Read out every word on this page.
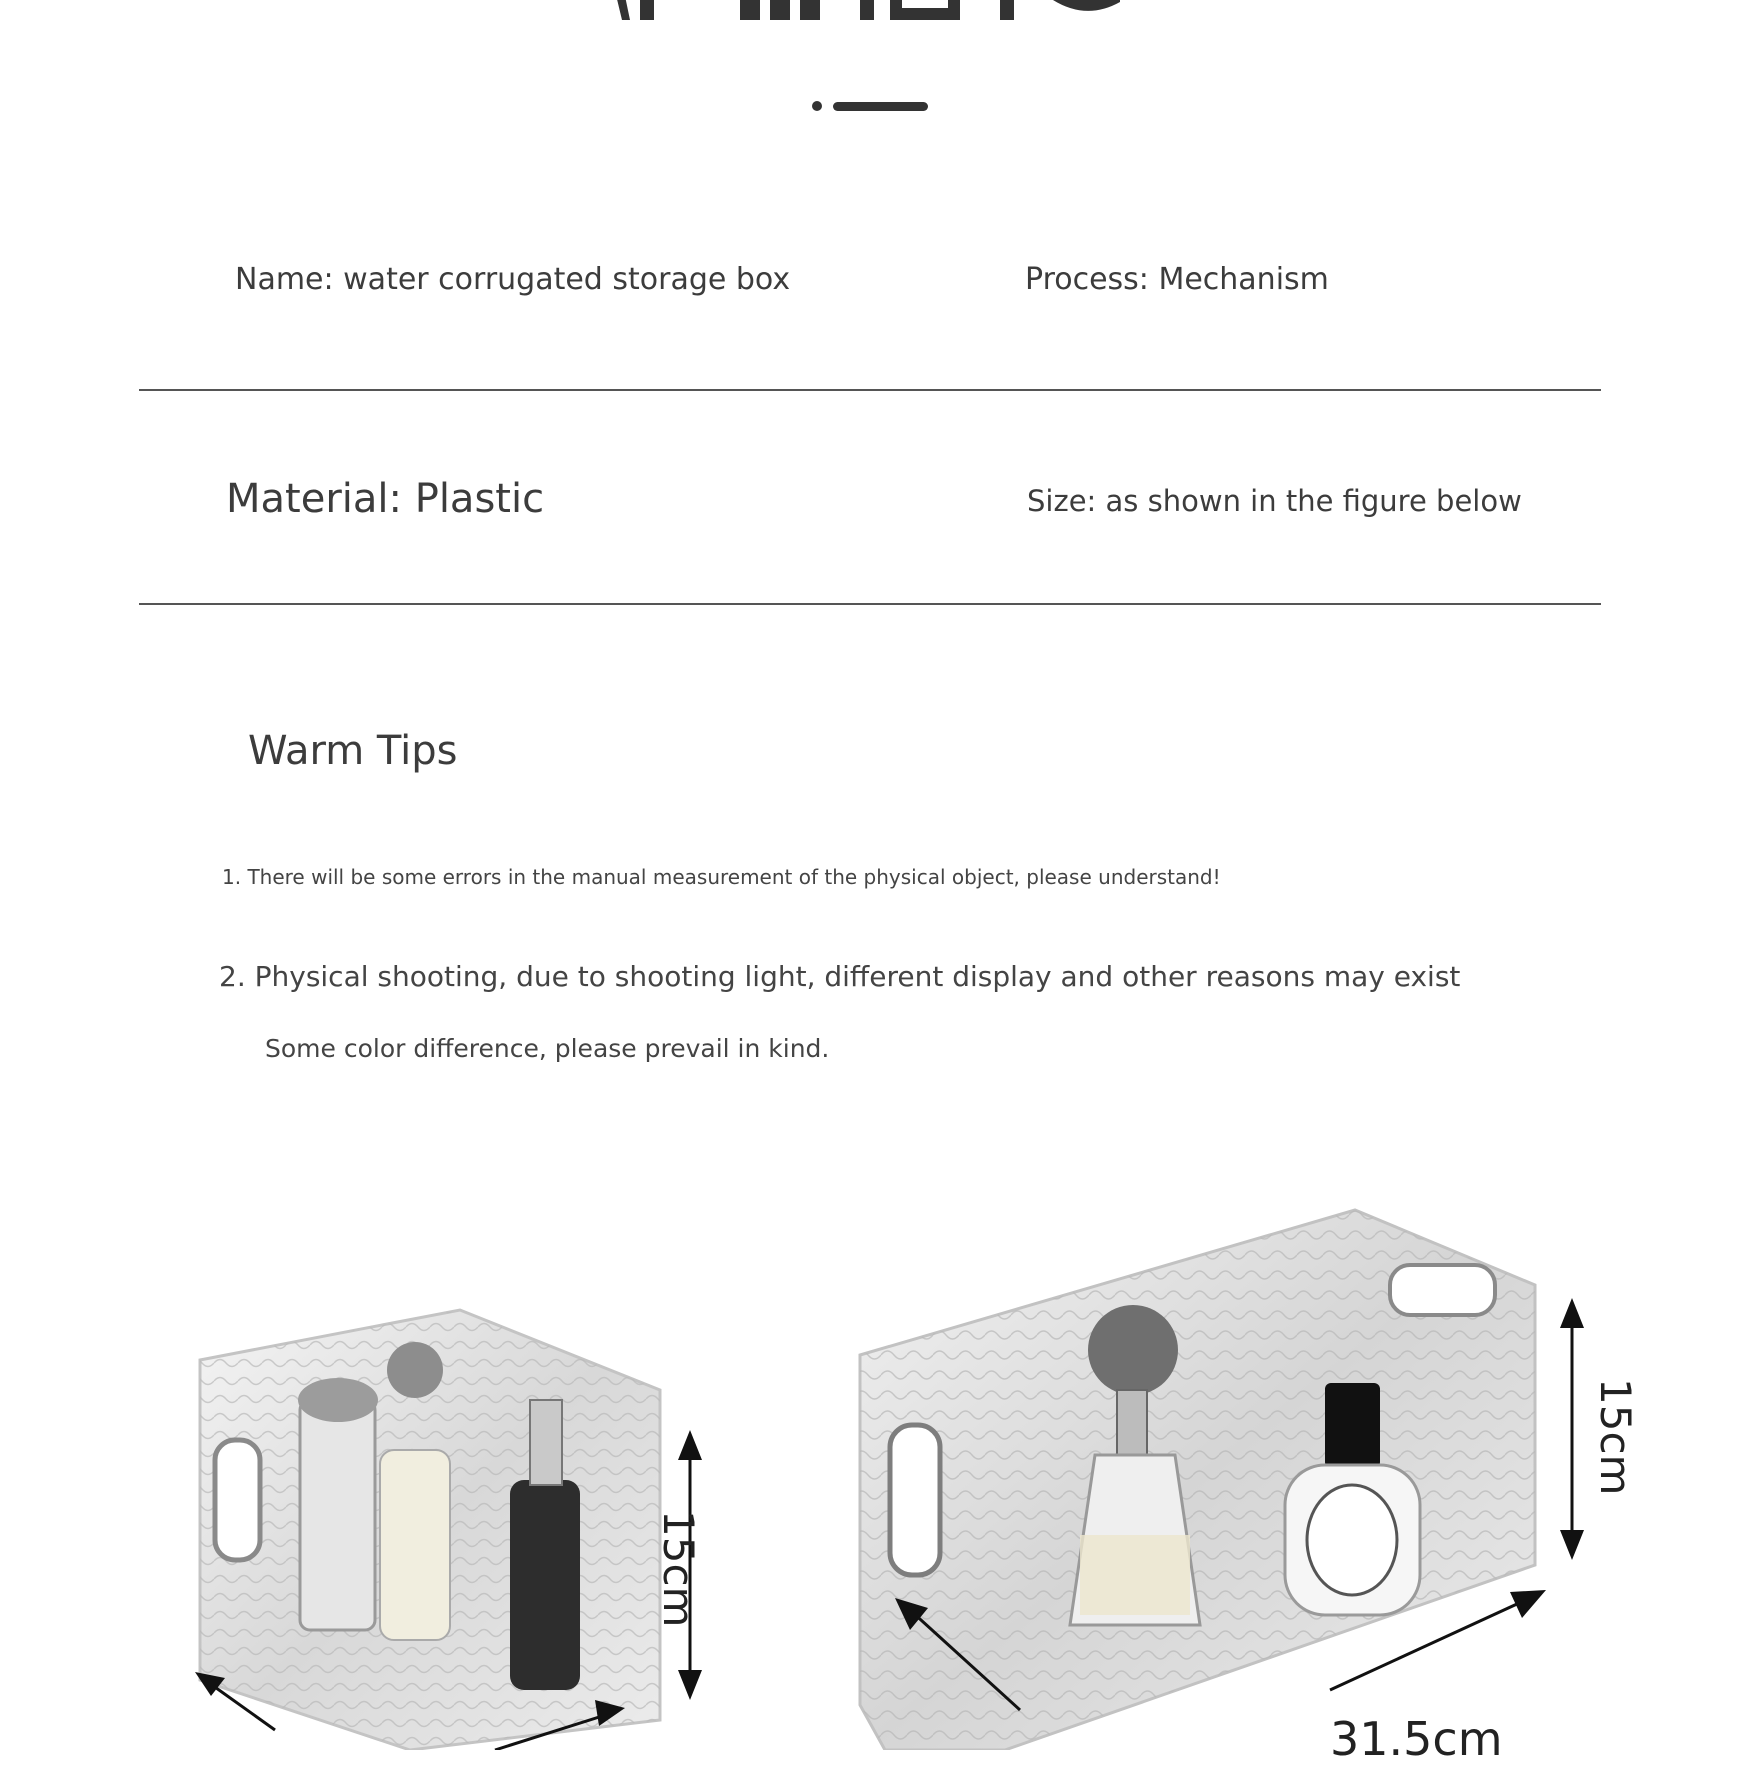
Name: water corrugated storage box	Process: Mechanism
Material: Plastic	Size: as shown in the figure below
Warm Tips
1. There will be some errors in the manual measurement of the physical object, please understand!
2. Physical shooting, due to shooting light, different display and other reasons may exist
Some color difference, please prevail in kind.
15cm
15cm
31.5cm
